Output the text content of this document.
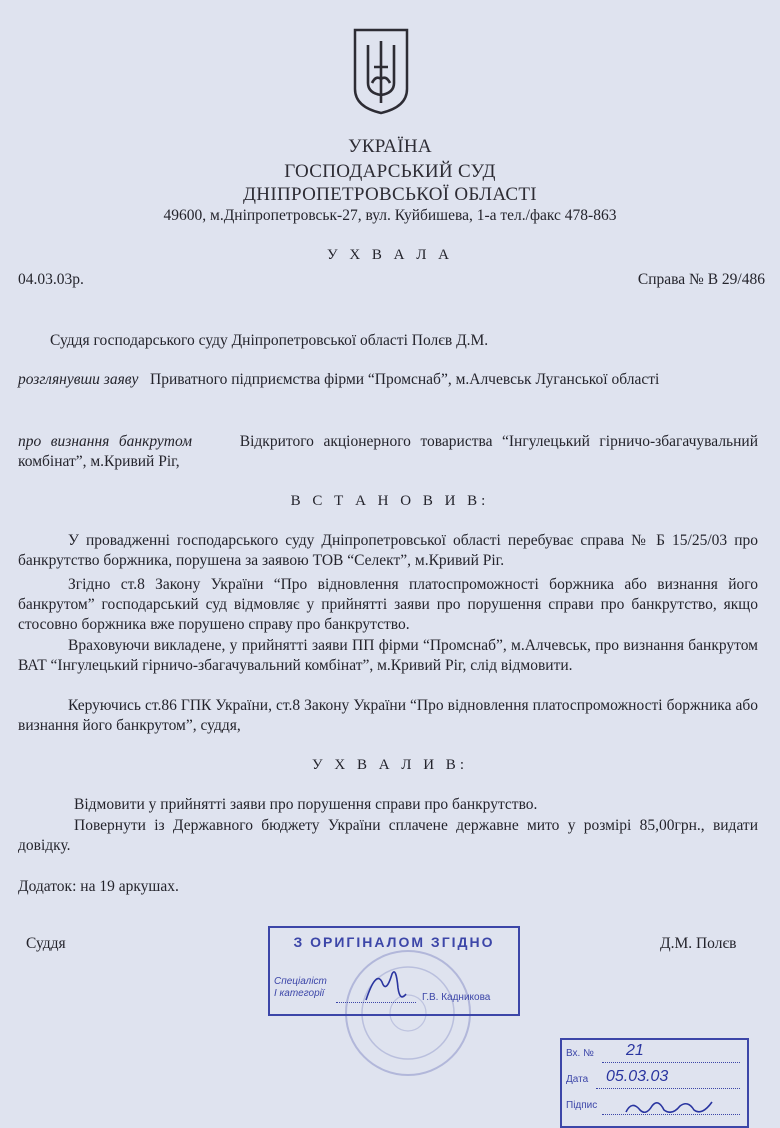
УКРАЇНА
ГОСПОДАРСЬКИЙ СУД
ДНІПРОПЕТРОВСЬКОЇ ОБЛАСТІ
49600, м.Дніпропетровськ-27, вул. Куйбишева, 1-а тел./факс 478-863
У Х В А Л А
04.03.03р.	Справа № В 29/486
Суддя господарського суду Дніпропетровської області Полєв Д.М.
розглянувши заяву Приватного підприємства фірми “Промснаб”, м.Алчевськ Луганської області
про визнання банкрутом	Відкритого акціонерного товариства “Інгулецький гірничо-збагачувальний комбінат”, м.Кривий Ріг,
В С Т А Н О В И В:
У провадженні господарського суду Дніпропетровської області перебуває справа № Б 15/25/03 про банкрутство боржника, порушена за заявою ТОВ “Селект”, м.Кривий Ріг.
Згідно ст.8 Закону України “Про відновлення платоспроможності боржника або визнання його банкрутом” господарський суд відмовляє у прийнятті заяви про порушення справи про банкрутство, якщо стосовно боржника вже порушено справу про банкрутство.
Враховуючи викладене, у прийнятті заяви ПП фірми “Промснаб”, м.Алчевськ, про визнання банкрутом ВАТ “Інгулецький гірничо-збагачувальний комбінат”, м.Кривий Ріг, слід відмовити.
Керуючись ст.86 ГПК України, ст.8 Закону України “Про відновлення платоспроможності боржника або визнання його банкрутом”, суддя,
У Х В А Л И В:
Відмовити у прийнятті заяви про порушення справи про банкрутство.
Повернути із Державного бюджету України сплачене державне мито у розмірі 85,00грн., видати довідку.
Додаток: на 19 аркушах.
Суддя	Д.М. Полєв
З ОРИГІНАЛОМ ЗГІДНО
Спеціаліст
І категорії	Г.В. Кадникова
Вх. № 21
Дата 05.03.03
Підпис
